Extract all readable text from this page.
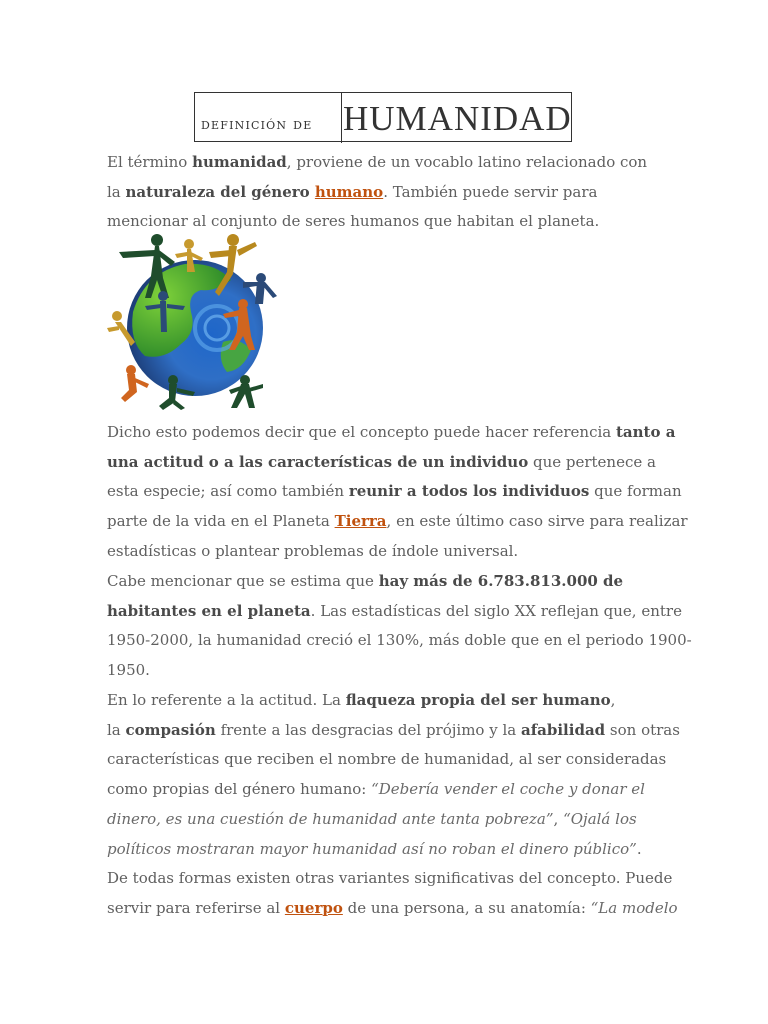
definición de HUMANIDAD
El término humanidad, proviene de un vocablo latino relacionado con
la naturaleza del género humano. También puede servir para
mencionar al conjunto de seres humanos que habitan el planeta.
Dicho esto podemos decir que el concepto puede hacer referencia tanto a
una actitud o a las características de un individuo que pertenece a
esta especie; así como también reunir a todos los individuos que forman
parte de la vida en el Planeta Tierra, en este último caso sirve para realizar
estadísticas o plantear problemas de índole universal.
Cabe mencionar que se estima que hay más de 6.783.813.000 de
habitantes en el planeta. Las estadísticas del siglo XX reflejan que, entre
1950-2000, la humanidad creció el 130%, más doble que en el periodo 1900-
1950.
En lo referente a la actitud. La flaqueza propia del ser humano,
la compasión frente a las desgracias del prójimo y la afabilidad son otras
características que reciben el nombre de humanidad, al ser consideradas
como propias del género humano: “Debería vender el coche y donar el
dinero, es una cuestión de humanidad ante tanta pobreza”, “Ojalá los
políticos mostraran mayor humanidad así no roban el dinero público”.
De todas formas existen otras variantes significativas del concepto. Puede
servir para referirse al cuerpo de una persona, a su anatomía: “La modelo
